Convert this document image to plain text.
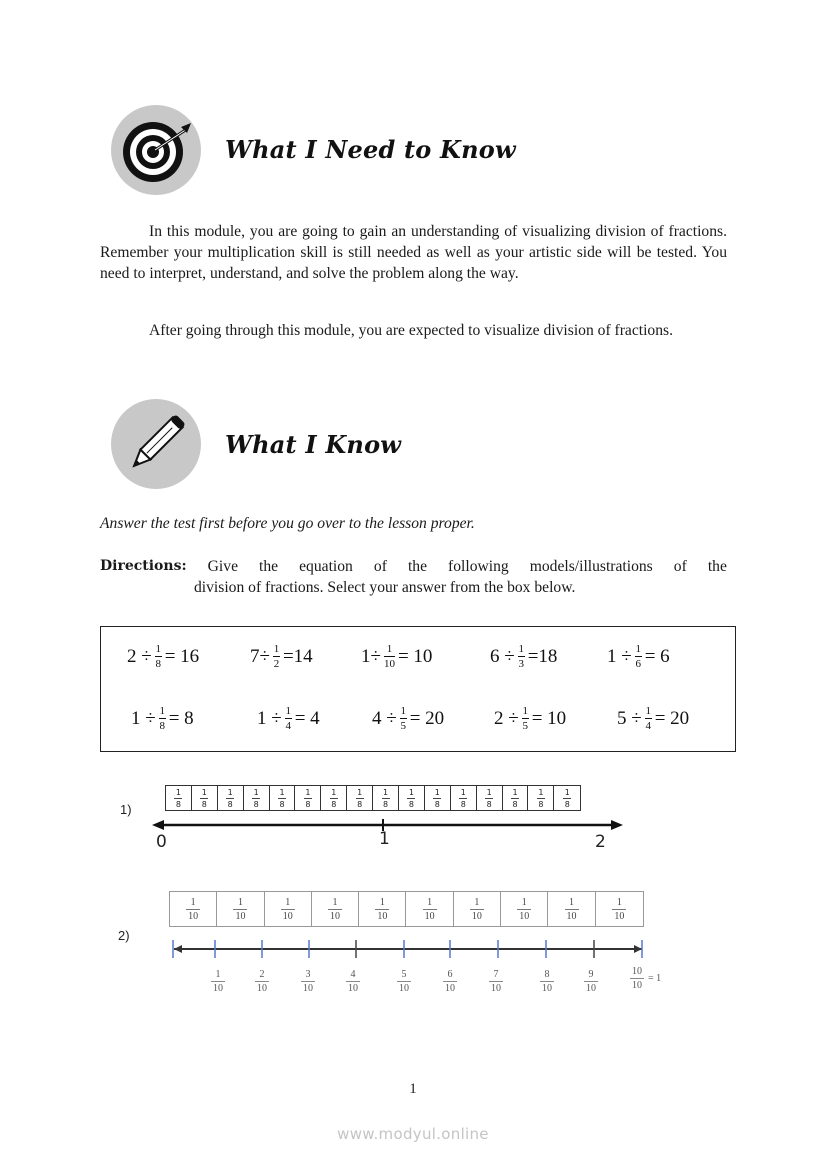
What I Need to Know

In this module, you are going to gain an understanding of visualizing division of fractions. Remember your multiplication skill is still needed as well as your artistic side will be tested. You need to interpret, understand, and solve the problem along the way.

After going through this module, you are expected to visualize division of fractions.

What I Know
Answer the test first before you go over to the lesson proper.
Directions: Give the equation of the following models/illustrations of the
division of fractions. Select your answer from the box below.
$2 \div \frac{1}{8} = 16$	$7\div \frac{1}{2} =14$	$1\div \frac{1}{10} = 10$	$6 \div \frac{1}{3} =18$	$1 \div \frac{1}{6} = 6$
$1 \div \frac{1}{8} = 8$	$1 \div \frac{1}{4} = 4$	$4 \div \frac{1}{5} = 20$	$2 \div \frac{1}{5} = 10$	$5 \div \frac{1}{4} = 20$
1)
1
8
1
8
1
8
1
8
1
8
1
8
1
8
1
8
1
8
1
8
1
8
1
8
1
8
1
8
1
8
1
8
0	1	2
2)
1
10
1
10
1
10
1
10
1
10
1
10
1
10
1
10
1
10
1
10
1
10
2
10
3
10
4
10
5
10
6
10
7
10
8
10
9
10
10
10
= 1
1
www.modyul.online
